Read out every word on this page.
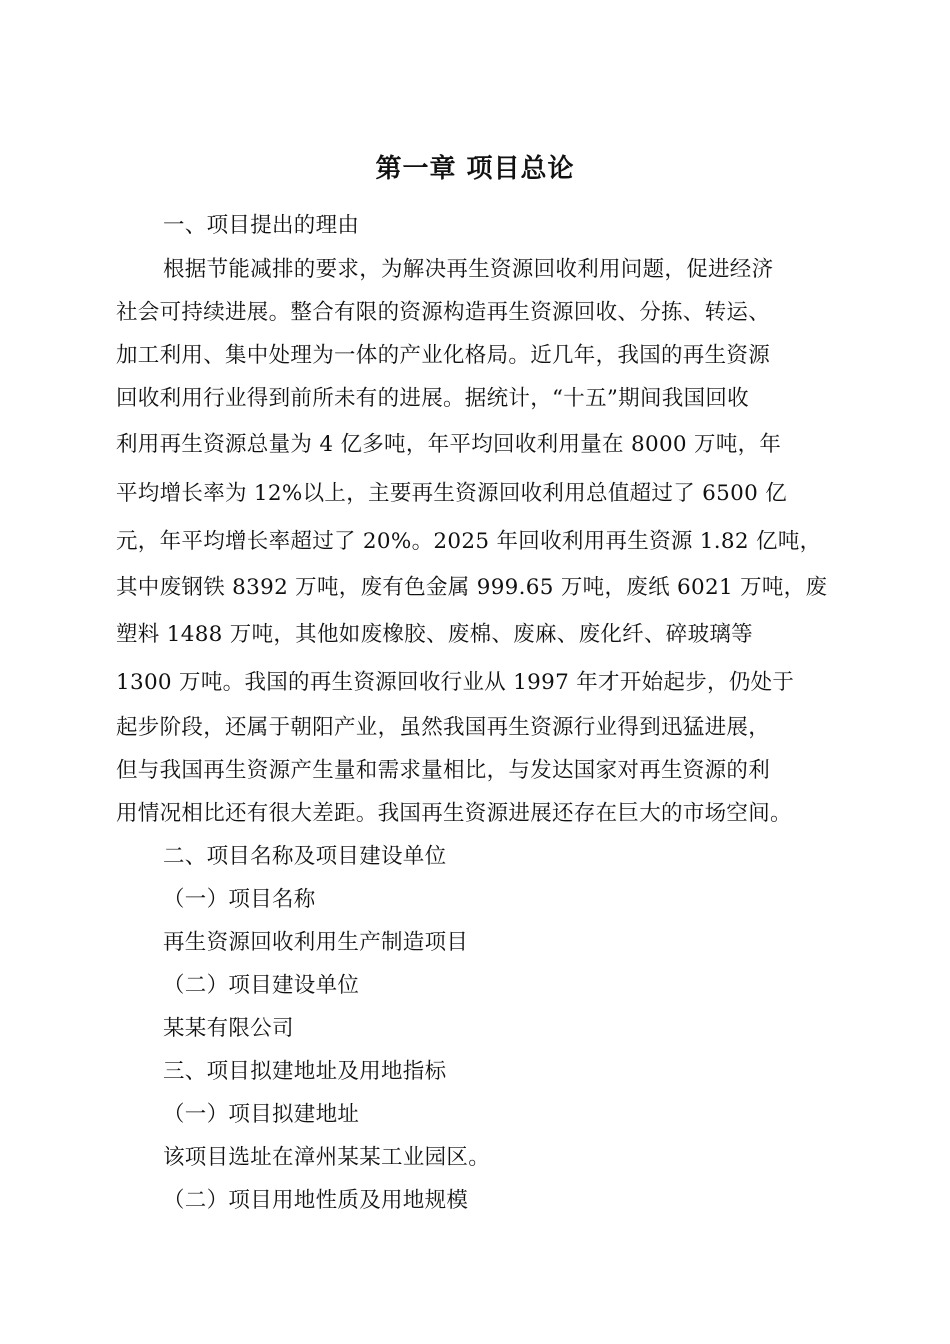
第一章 项目总论
一、项目提出的理由
根据节能减排的要求，为解决再生资源回收利用问题，促进经济
社会可持续进展。整合有限的资源构造再生资源回收、分拣、转运、
加工利用、集中处理为一体的产业化格局。近几年，我国的再生资源
回收利用行业得到前所未有的进展。据统计，“十五”期间我国回收
利用再生资源总量为 4 亿多吨，年平均回收利用量在 8000 万吨，年
平均增长率为 12%以上，主要再生资源回收利用总值超过了 6500 亿
元，年平均增长率超过了 20%。2025 年回收利用再生资源 1.82 亿吨，
其中废钢铁 8392 万吨，废有色金属 999.65 万吨，废纸 6021 万吨，废
塑料 1488 万吨，其他如废橡胶、废棉、废麻、废化纤、碎玻璃等
1300 万吨。我国的再生资源回收行业从 1997 年才开始起步，仍处于
起步阶段，还属于朝阳产业，虽然我国再生资源行业得到迅猛进展，
但与我国再生资源产生量和需求量相比，与发达国家对再生资源的利
用情况相比还有很大差距。我国再生资源进展还存在巨大的市场空间。
二、项目名称及项目建设单位
（一）项目名称
再生资源回收利用生产制造项目
（二）项目建设单位
某某有限公司
三、项目拟建地址及用地指标
（一）项目拟建地址
该项目选址在漳州某某工业园区。
（二）项目用地性质及用地规模
